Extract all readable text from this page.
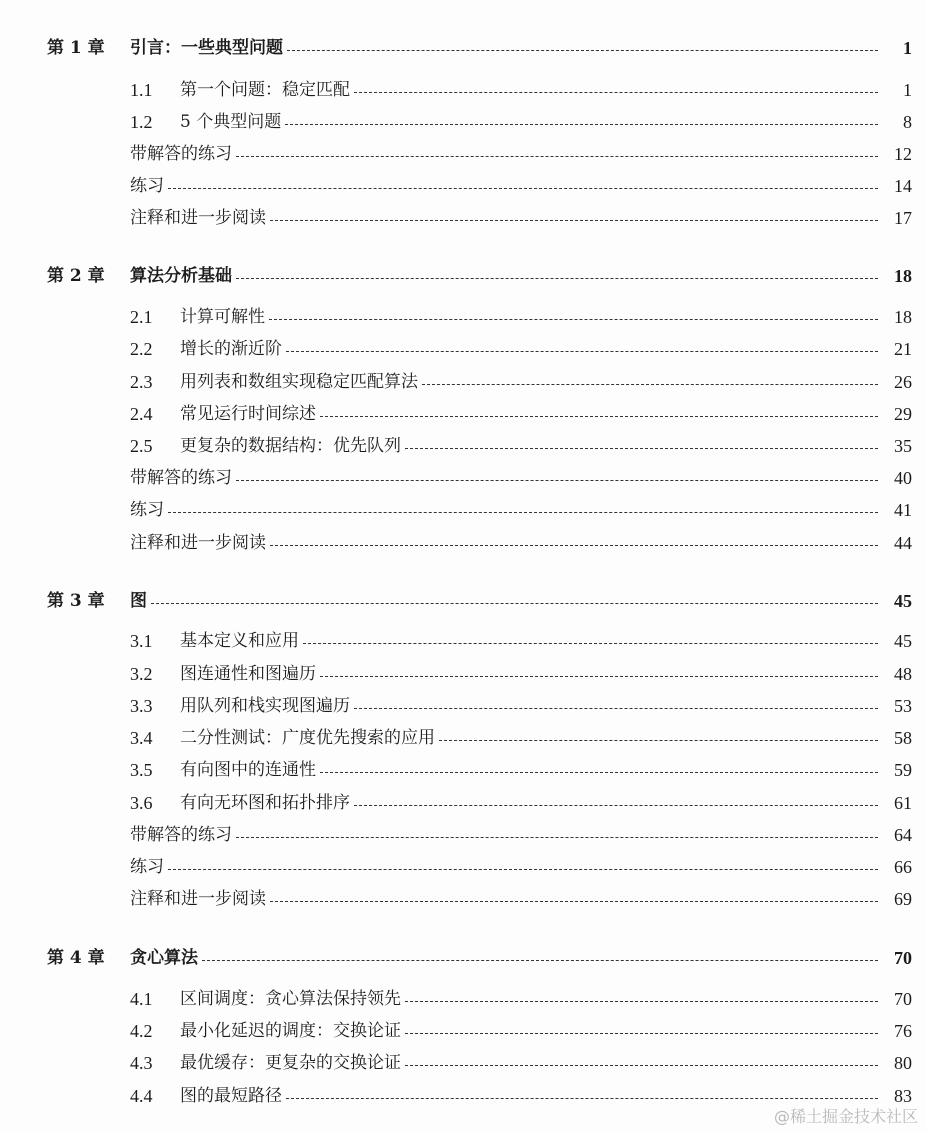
第 1 章 引言：一些典型问题	1
1.1	第一个问题：稳定匹配	1
1.2	5 个典型问题	8
带解答的练习	12
练习	14
注释和进一步阅读	17
第 2 章 算法分析基础	18
2.1	计算可解性	18
2.2	增长的渐近阶	21
2.3	用列表和数组实现稳定匹配算法	26
2.4	常见运行时间综述	29
2.5	更复杂的数据结构：优先队列	35
带解答的练习	40
练习	41
注释和进一步阅读	44
第 3 章 图	45
3.1	基本定义和应用	45
3.2	图连通性和图遍历	48
3.3	用队列和栈实现图遍历	53
3.4	二分性测试：广度优先搜索的应用	58
3.5	有向图中的连通性	59
3.6	有向无环图和拓扑排序	61
带解答的练习	64
练习	66
注释和进一步阅读	69
第 4 章 贪心算法	70
4.1	区间调度：贪心算法保持领先	70
4.2	最小化延迟的调度：交换论证	76
4.3	最优缓存：更复杂的交换论证	80
4.4	图的最短路径	83
@稀土掘金技术社区
